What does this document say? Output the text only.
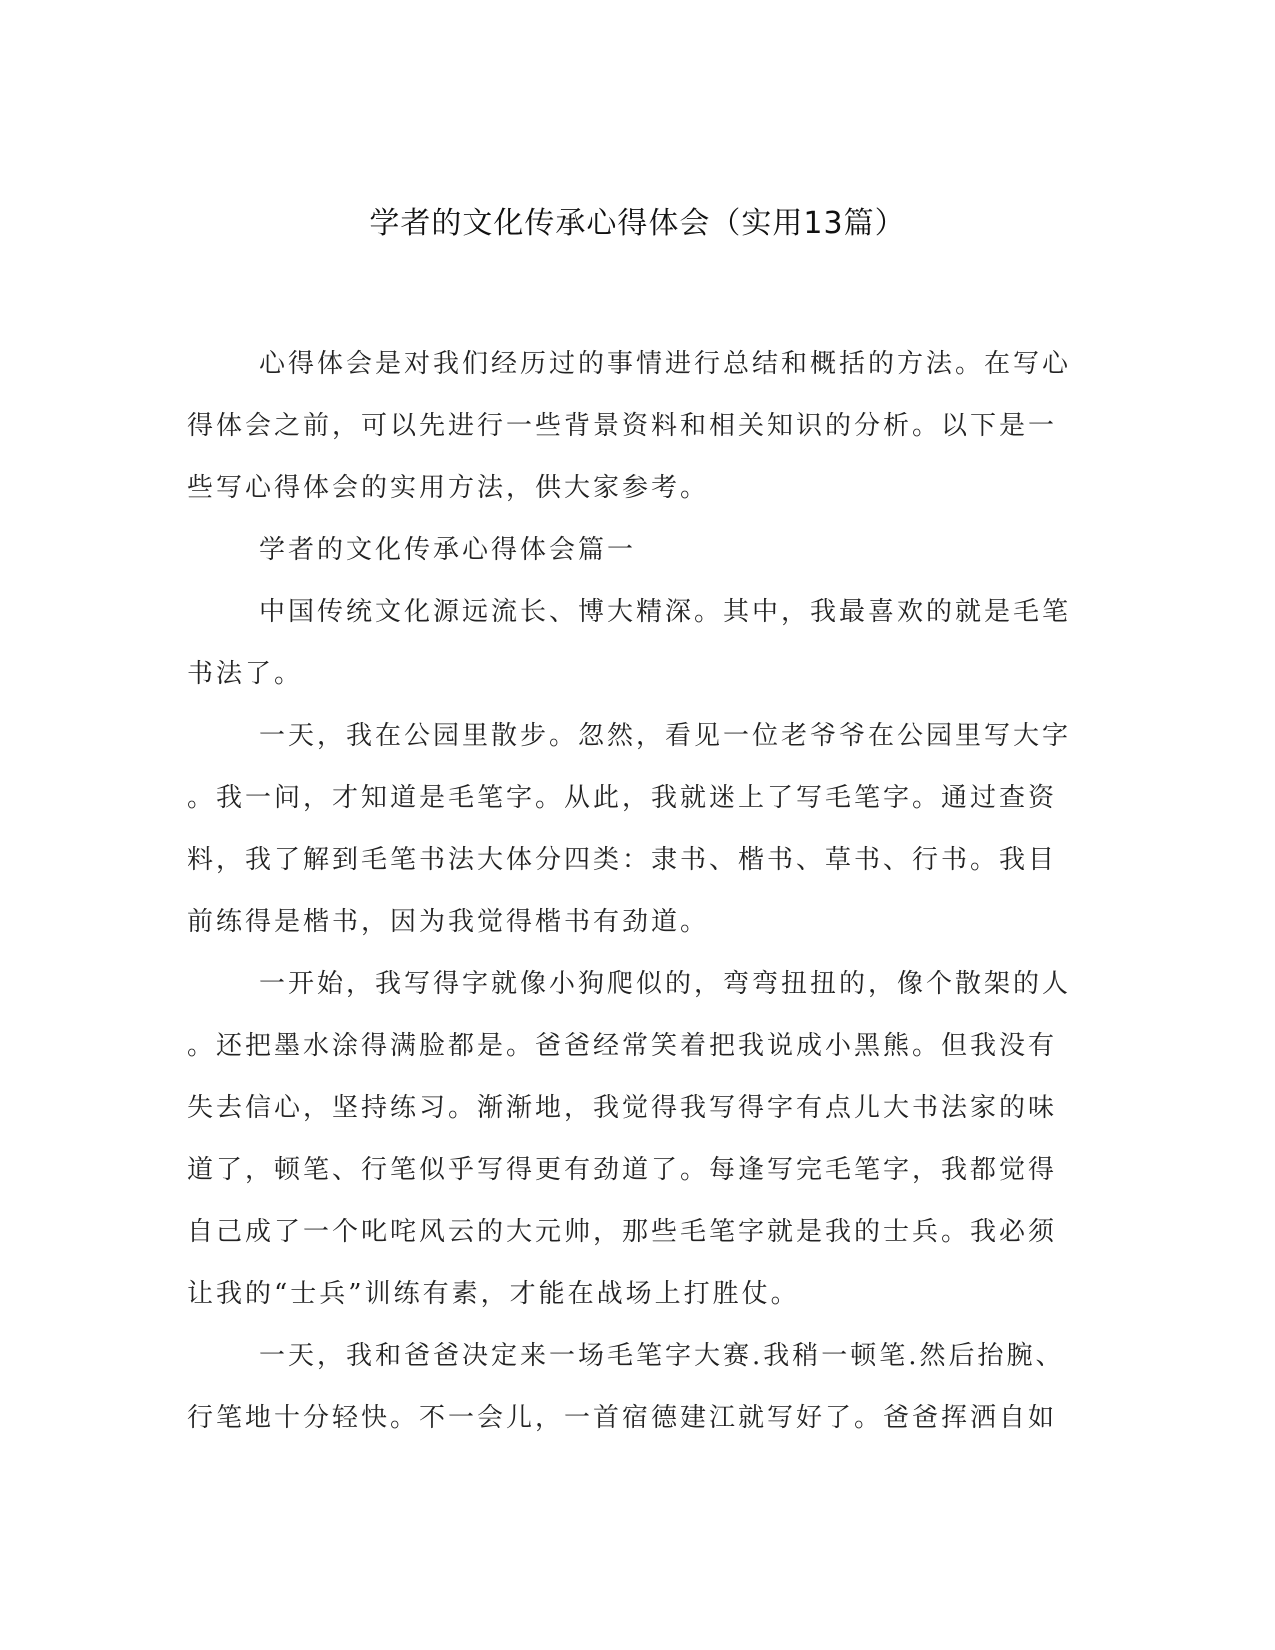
学者的文化传承心得体会（实用13篇）
心得体会是对我们经历过的事情进行总结和概括的方法。在写心
得体会之前，可以先进行一些背景资料和相关知识的分析。以下是一
些写心得体会的实用方法，供大家参考。
学者的文化传承心得体会篇一
中国传统文化源远流长、博大精深。其中，我最喜欢的就是毛笔
书法了。
一天，我在公园里散步。忽然，看见一位老爷爷在公园里写大字
。我一问，才知道是毛笔字。从此，我就迷上了写毛笔字。通过查资
料，我了解到毛笔书法大体分四类：隶书、楷书、草书、行书。我目
前练得是楷书，因为我觉得楷书有劲道。
一开始，我写得字就像小狗爬似的，弯弯扭扭的，像个散架的人
。还把墨水涂得满脸都是。爸爸经常笑着把我说成小黑熊。但我没有
失去信心，坚持练习。渐渐地，我觉得我写得字有点儿大书法家的味
道了，顿笔、行笔似乎写得更有劲道了。每逢写完毛笔字，我都觉得
自己成了一个叱咤风云的大元帅，那些毛笔字就是我的士兵。我必须
让我的“士兵”训练有素，才能在战场上打胜仗。
一天，我和爸爸决定来一场毛笔字大赛.我稍一顿笔.然后抬腕、
行笔地十分轻快。不一会儿，一首宿德建江就写好了。爸爸挥洒自如
